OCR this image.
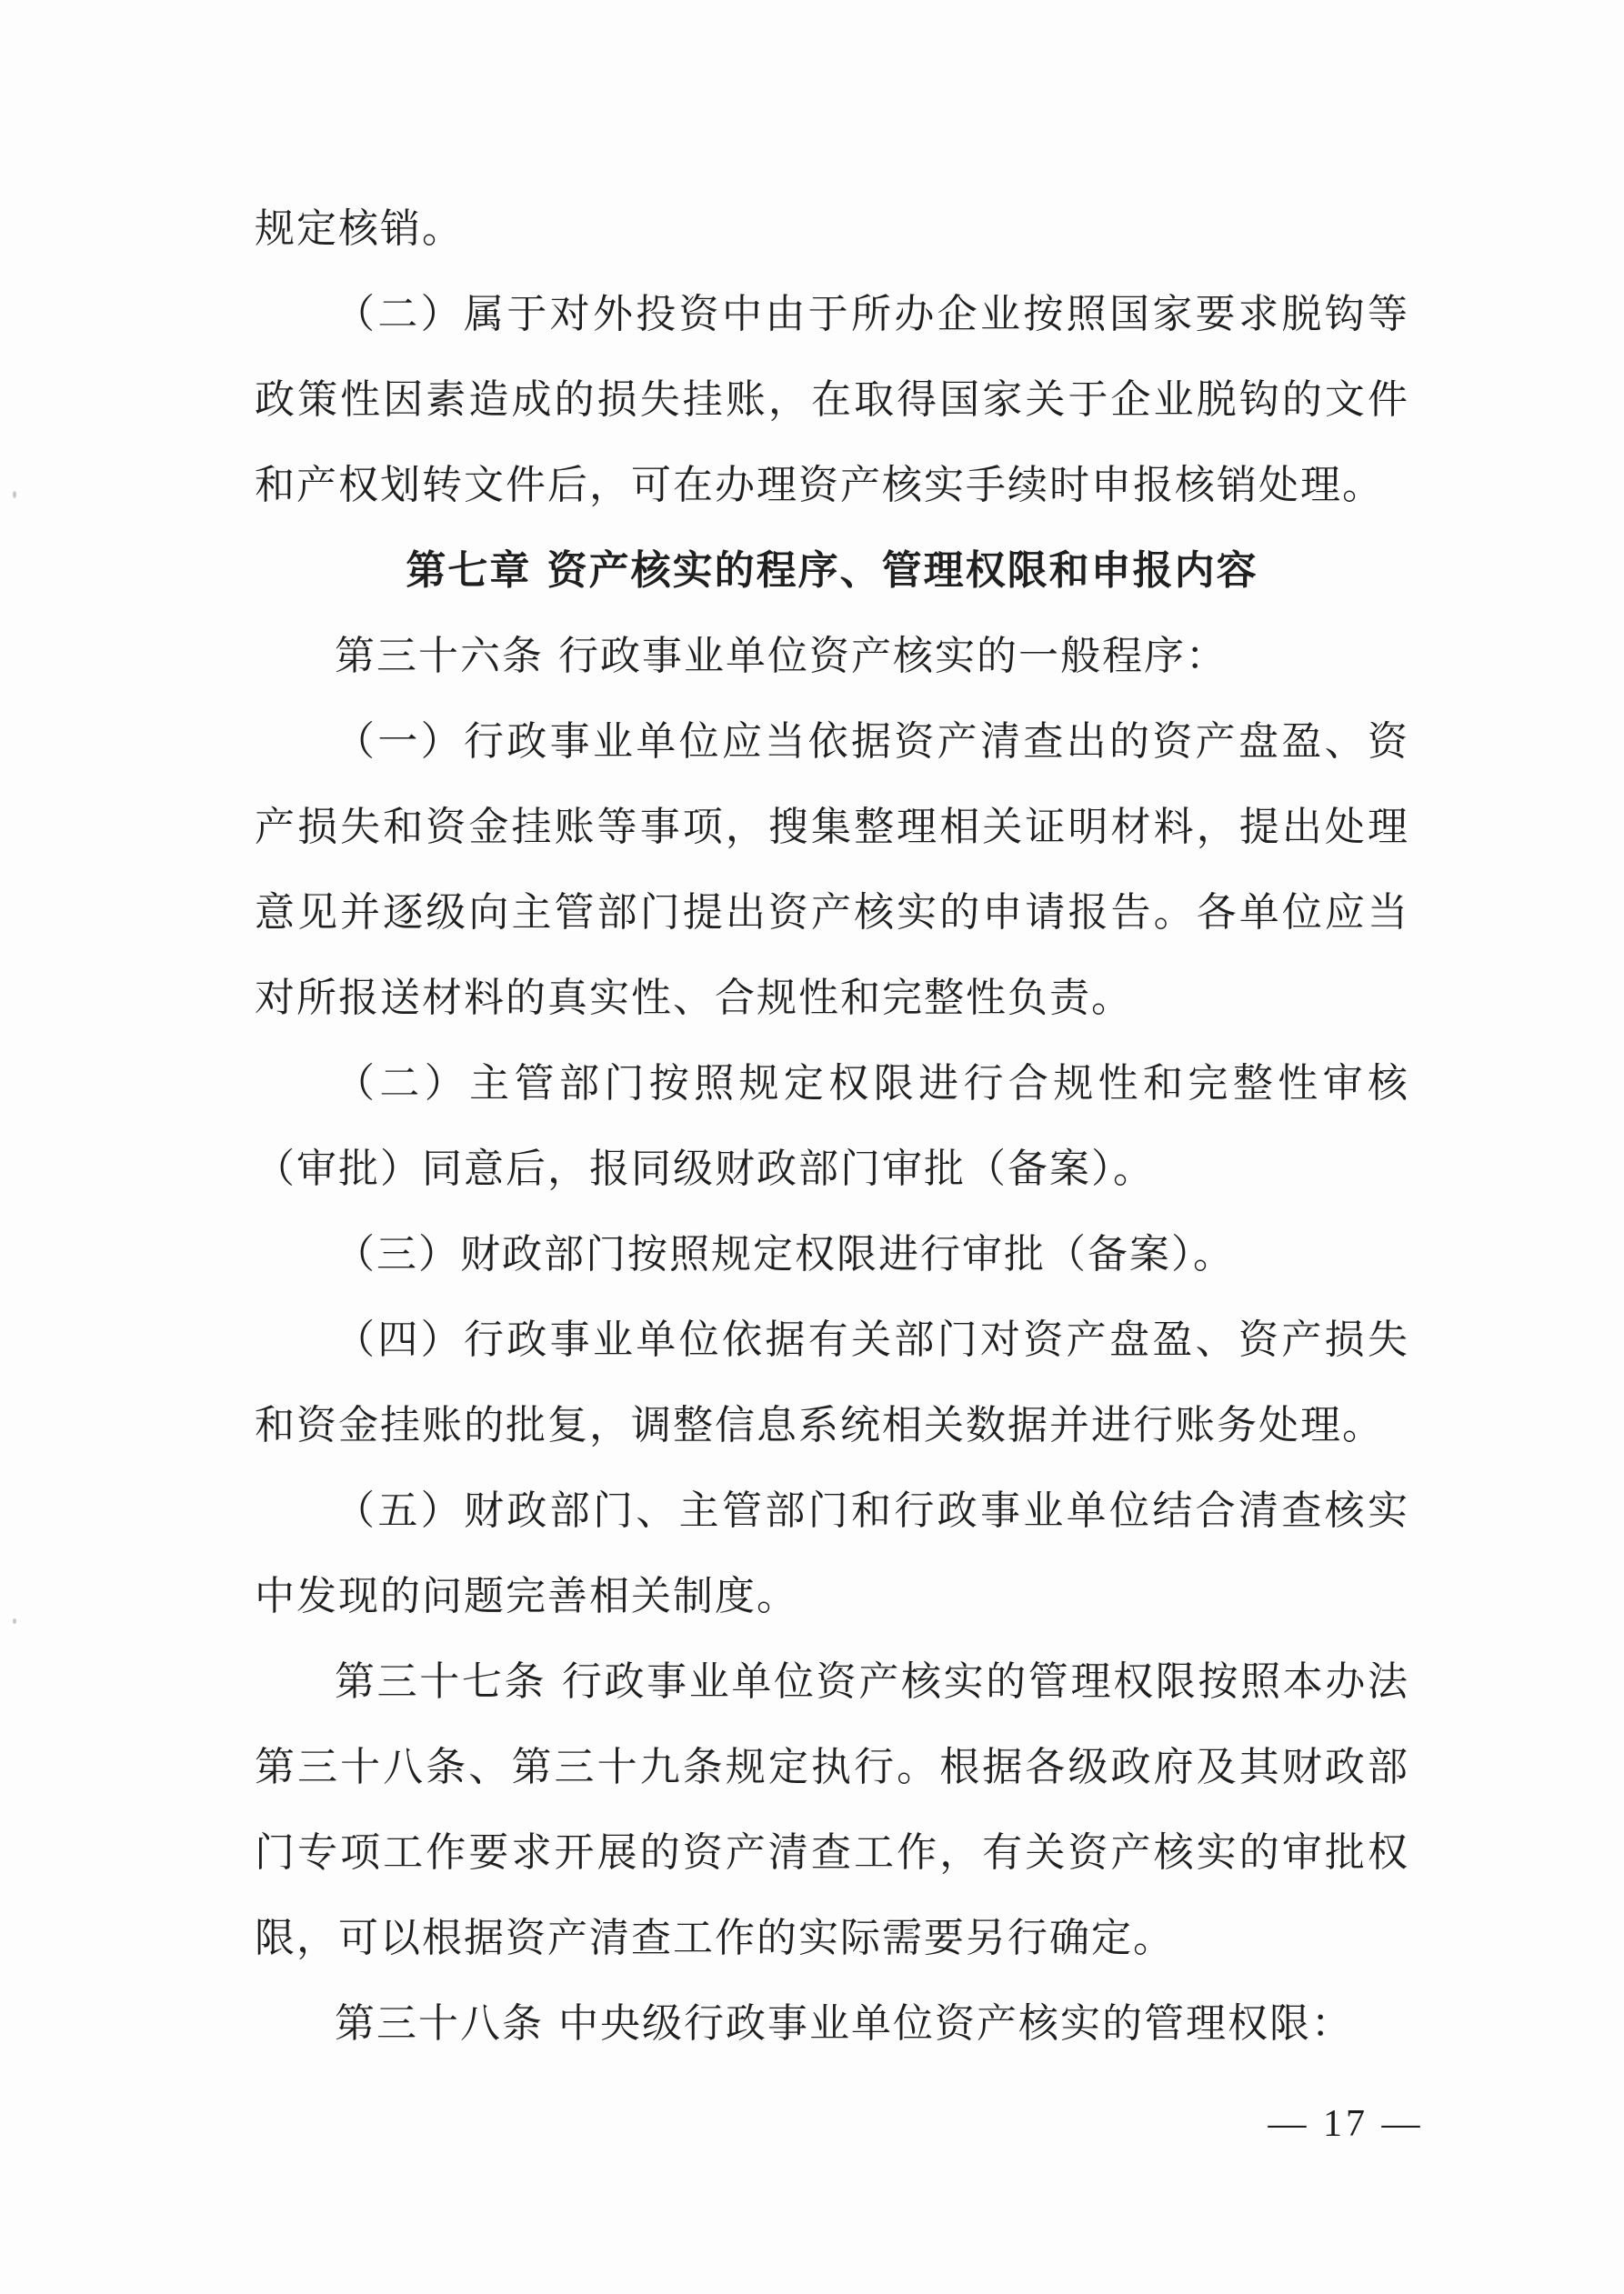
规定核销。

（二）属于对外投资中由于所办企业按照国家要求脱钩等政策性因素造成的损失挂账，在取得国家关于企业脱钩的文件和产权划转文件后，可在办理资产核实手续时申报核销处理。

第七章 资产核实的程序、管理权限和申报内容

第三十六条 行政事业单位资产核实的一般程序：

（一）行政事业单位应当依据资产清查出的资产盘盈、资产损失和资金挂账等事项，搜集整理相关证明材料，提出处理意见并逐级向主管部门提出资产核实的申请报告。各单位应当对所报送材料的真实性、合规性和完整性负责。

（二）主管部门按照规定权限进行合规性和完整性审核（审批）同意后，报同级财政部门审批（备案）。

（三）财政部门按照规定权限进行审批（备案）。

（四）行政事业单位依据有关部门对资产盘盈、资产损失和资金挂账的批复，调整信息系统相关数据并进行账务处理。

（五）财政部门、主管部门和行政事业单位结合清查核实中发现的问题完善相关制度。

第三十七条 行政事业单位资产核实的管理权限按照本办法第三十八条、第三十九条规定执行。根据各级政府及其财政部门专项工作要求开展的资产清查工作，有关资产核实的审批权限，可以根据资产清查工作的实际需要另行确定。

第三十八条 中央级行政事业单位资产核实的管理权限：

— 17 —
